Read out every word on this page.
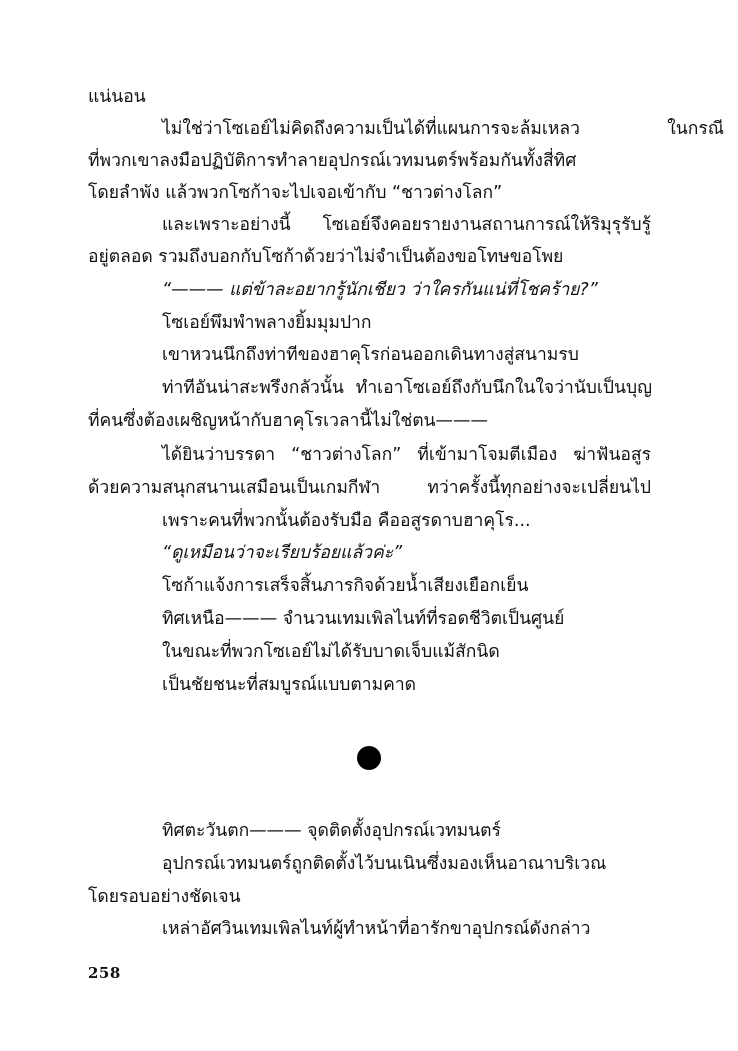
แน่นอน

ไม่ใช่ว่าโซเอย์ไม่คิดถึงความเป็นได้ที่แผนการจะล้มเหลว ในกรณี

ที่พวกเขาลงมือปฏิบัติการทำลายอุปกรณ์เวทมนตร์พร้อมกันทั้งสี่ทิศ

โดยลำพัง แล้วพวกโซก้าจะไปเจอเข้ากับ “ชาวต่างโลก”

และเพราะอย่างนี้ โซเอย์จึงคอยรายงานสถานการณ์ให้ริมุรุรับรู้

อยู่ตลอด รวมถึงบอกกับโซก้าด้วยว่าไม่จำเป็นต้องขอโทษขอโพย

“——— แต่ข้าละอยากรู้นักเชียว ว่าใครกันแน่ที่โชคร้าย?”

โซเอย์พึมพำพลางยิ้มมุมปาก

เขาหวนนึกถึงท่าทีของฮาคุโรก่อนออกเดินทางสู่สนามรบ

ท่าทีอันน่าสะพรึงกลัวนั้น ทำเอาโซเอย์ถึงกับนึกในใจว่านับเป็นบุญ

ที่คนซึ่งต้องเผชิญหน้ากับฮาคุโรเวลานี้ไม่ใช่ตน———

ได้ยินว่าบรรดา “ชาวต่างโลก” ที่เข้ามาโจมตีเมือง ฆ่าฟันอสูร

ด้วยความสนุกสนานเสมือนเป็นเกมกีฬา ทว่าครั้งนี้ทุกอย่างจะเปลี่ยนไป

เพราะคนที่พวกนั้นต้องรับมือ คืออสูรดาบฮาคุโร...

“ดูเหมือนว่าจะเรียบร้อยแล้วค่ะ”

โซก้าแจ้งการเสร็จสิ้นภารกิจด้วยน้ำเสียงเยือกเย็น

ทิศเหนือ——— จำนวนเทมเพิลไนท์ที่รอดชีวิตเป็นศูนย์

ในขณะที่พวกโซเอย์ไม่ได้รับบาดเจ็บแม้สักนิด

เป็นชัยชนะที่สมบูรณ์แบบตามคาด

ทิศตะวันตก——— จุดติดตั้งอุปกรณ์เวทมนตร์

อุปกรณ์เวทมนตร์ถูกติดตั้งไว้บนเนินซึ่งมองเห็นอาณาบริเวณ

โดยรอบอย่างชัดเจน

เหล่าอัศวินเทมเพิลไนท์ผู้ทำหน้าที่อารักขาอุปกรณ์ดังกล่าว

258
